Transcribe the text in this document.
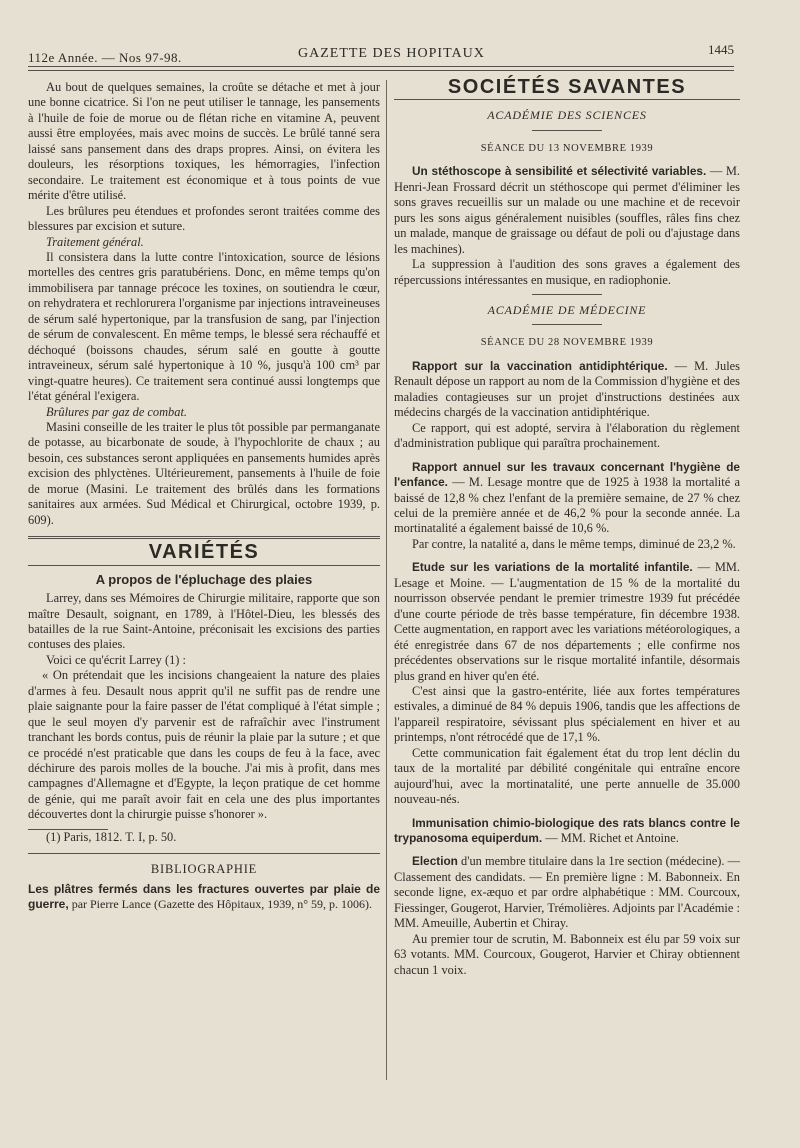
112e Année. — Nos 97-98.	GAZETTE DES HOPITAUX	1445

Au bout de quelques semaines, la croûte se détache et met à jour une bonne cicatrice. Si l'on ne peut utiliser le tannage, les pansements à l'huile de foie de morue ou de flétan riche en vitamine A, peuvent aussi être employées, mais avec moins de succès. Le brûlé tanné sera laissé sans pansement dans des draps propres. Ainsi, on évitera les douleurs, les résorptions toxiques, les hémorragies, l'infection secondaire. Le traitement est économique et à tous points de vue mérite d'être utilisé.

Les brûlures peu étendues et profondes seront traitées comme des blessures par excision et suture.

Traitement général.

Il consistera dans la lutte contre l'intoxication, source de lésions mortelles des centres gris paratubériens. Donc, en même temps qu'on immobilisera par tannage précoce les toxines, on soutiendra le cœur, on rehydratera et rechlorurera l'organisme par injections intraveineuses de sérum salé hypertonique, par la transfusion de sang, par l'injection de sérum de convalescent. En même temps, le blessé sera réchauffé et déchoqué (boissons chaudes, sérum salé en goutte à goutte intraveineux, sérum salé hypertonique à 10 %, jusqu'à 100 cm³ par vingt-quatre heures). Ce traitement sera continué aussi longtemps que l'état général l'exigera.

Brûlures par gaz de combat.

Masini conseille de les traiter le plus tôt possible par permanganate de potasse, au bicarbonate de soude, à l'hypochlorite de chaux ; au besoin, ces substances seront appliquées en pansements humides après excision des phlyctènes. Ultérieurement, pansements à l'huile de foie de morue (Masini. Le traitement des brûlés dans les formations sanitaires aux armées. Sud Médical et Chirurgical, octobre 1939, p. 609).

VARIÉTÉS
A propos de l'épluchage des plaies

Larrey, dans ses Mémoires de Chirurgie militaire, rapporte que son maître Desault, soignant, en 1789, à l'Hôtel-Dieu, les blessés des batailles de la rue Saint-Antoine, préconisait les excisions des parties contuses des plaies.

Voici ce qu'écrit Larrey (1) :

« On prétendait que les incisions changeaient la nature des plaies d'armes à feu. Desault nous apprit qu'il ne suffit pas de rendre une plaie saignante pour la faire passer de l'état compliqué à l'état simple ; que le seul moyen d'y parvenir est de rafraîchir avec l'instrument tranchant les bords contus, puis de réunir la plaie par la suture ; et que ce procédé n'est praticable que dans les coups de feu à la face, avec déchirure des parois molles de la bouche. J'ai mis à profit, dans mes campagnes d'Allemagne et d'Egypte, la leçon pratique de cet homme de génie, qui me paraît avoir fait en cela une des plus importantes découvertes dont la chirurgie puisse s'honorer ».

(1) Paris, 1812. T. I, p. 50.

BIBLIOGRAPHIE

Les plâtres fermés dans les fractures ouvertes par plaie de guerre, par Pierre Lance (Gazette des Hôpitaux, 1939, n° 59, p. 1006).

SOCIÉTÉS SAVANTES
ACADÉMIE DES SCIENCES
SÉANCE DU 13 NOVEMBRE 1939

Un stéthoscope à sensibilité et sélectivité variables. — M. Henri-Jean Frossard décrit un stéthoscope qui permet d'éliminer les sons graves recueillis sur un malade ou une machine et de recevoir purs les sons aigus généralement nuisibles (souffles, râles fins chez un malade, manque de graissage ou défaut de poli ou d'ajustage dans les machines).

La suppression à l'audition des sons graves a également des répercussions intéressantes en musique, en radiophonie.

ACADÉMIE DE MÉDECINE
SÉANCE DU 28 NOVEMBRE 1939

Rapport sur la vaccination antidiphtérique. — M. Jules Renault dépose un rapport au nom de la Commission d'hygiène et des maladies contagieuses sur un projet d'instructions destinées aux médecins chargés de la vaccination antidiphtérique.

Ce rapport, qui est adopté, servira à l'élaboration du règlement d'administration publique qui paraîtra prochainement.

Rapport annuel sur les travaux concernant l'hygiène de l'enfance. — M. Lesage montre que de 1925 à 1938 la mortalité a baissé de 12,8 % chez l'enfant de la première semaine, de 27 % chez celui de la première année et de 46,2 % pour la seconde année. La mortinatalité a également baissé de 10,6 %.

Par contre, la natalité a, dans le même temps, diminué de 23,2 %.

Etude sur les variations de la mortalité infantile. — MM. Lesage et Moine. — L'augmentation de 15 % de la mortalité du nourrisson observée pendant le premier trimestre 1939 fut précédée d'une courte période de très basse température, fin décembre 1938. Cette augmentation, en rapport avec les variations météorologiques, a été enregistrée dans 67 de nos départements ; elle confirme nos précédentes observations sur le risque mortalité infantile, désormais plus grand en hiver qu'en été.

C'est ainsi que la gastro-entérite, liée aux fortes températures estivales, a diminué de 84 % depuis 1906, tandis que les affections de l'appareil respiratoire, sévissant plus spécialement en hiver et au printemps, n'ont rétrocédé que de 17,1 %.

Cette communication fait également état du trop lent déclin du taux de la mortalité par débilité congénitale qui entraîne encore aujourd'hui, avec la mortinatalité, une perte annuelle de 35.000 nouveau-nés.

Immunisation chimio-biologique des rats blancs contre le trypanosoma equiperdum. — MM. Richet et Antoine.

Election d'un membre titulaire dans la 1re section (médecine). — Classement des candidats. — En première ligne : M. Babonneix. En seconde ligne, ex-æquo et par ordre alphabétique : MM. Courcoux, Fiessinger, Gougerot, Harvier, Trémolières. Adjoints par l'Académie : MM. Ameuille, Aubertin et Chiray.

Au premier tour de scrutin, M. Babonneix est élu par 59 voix sur 63 votants. MM. Courcoux, Gougerot, Harvier et Chiray obtiennent chacun 1 voix.
